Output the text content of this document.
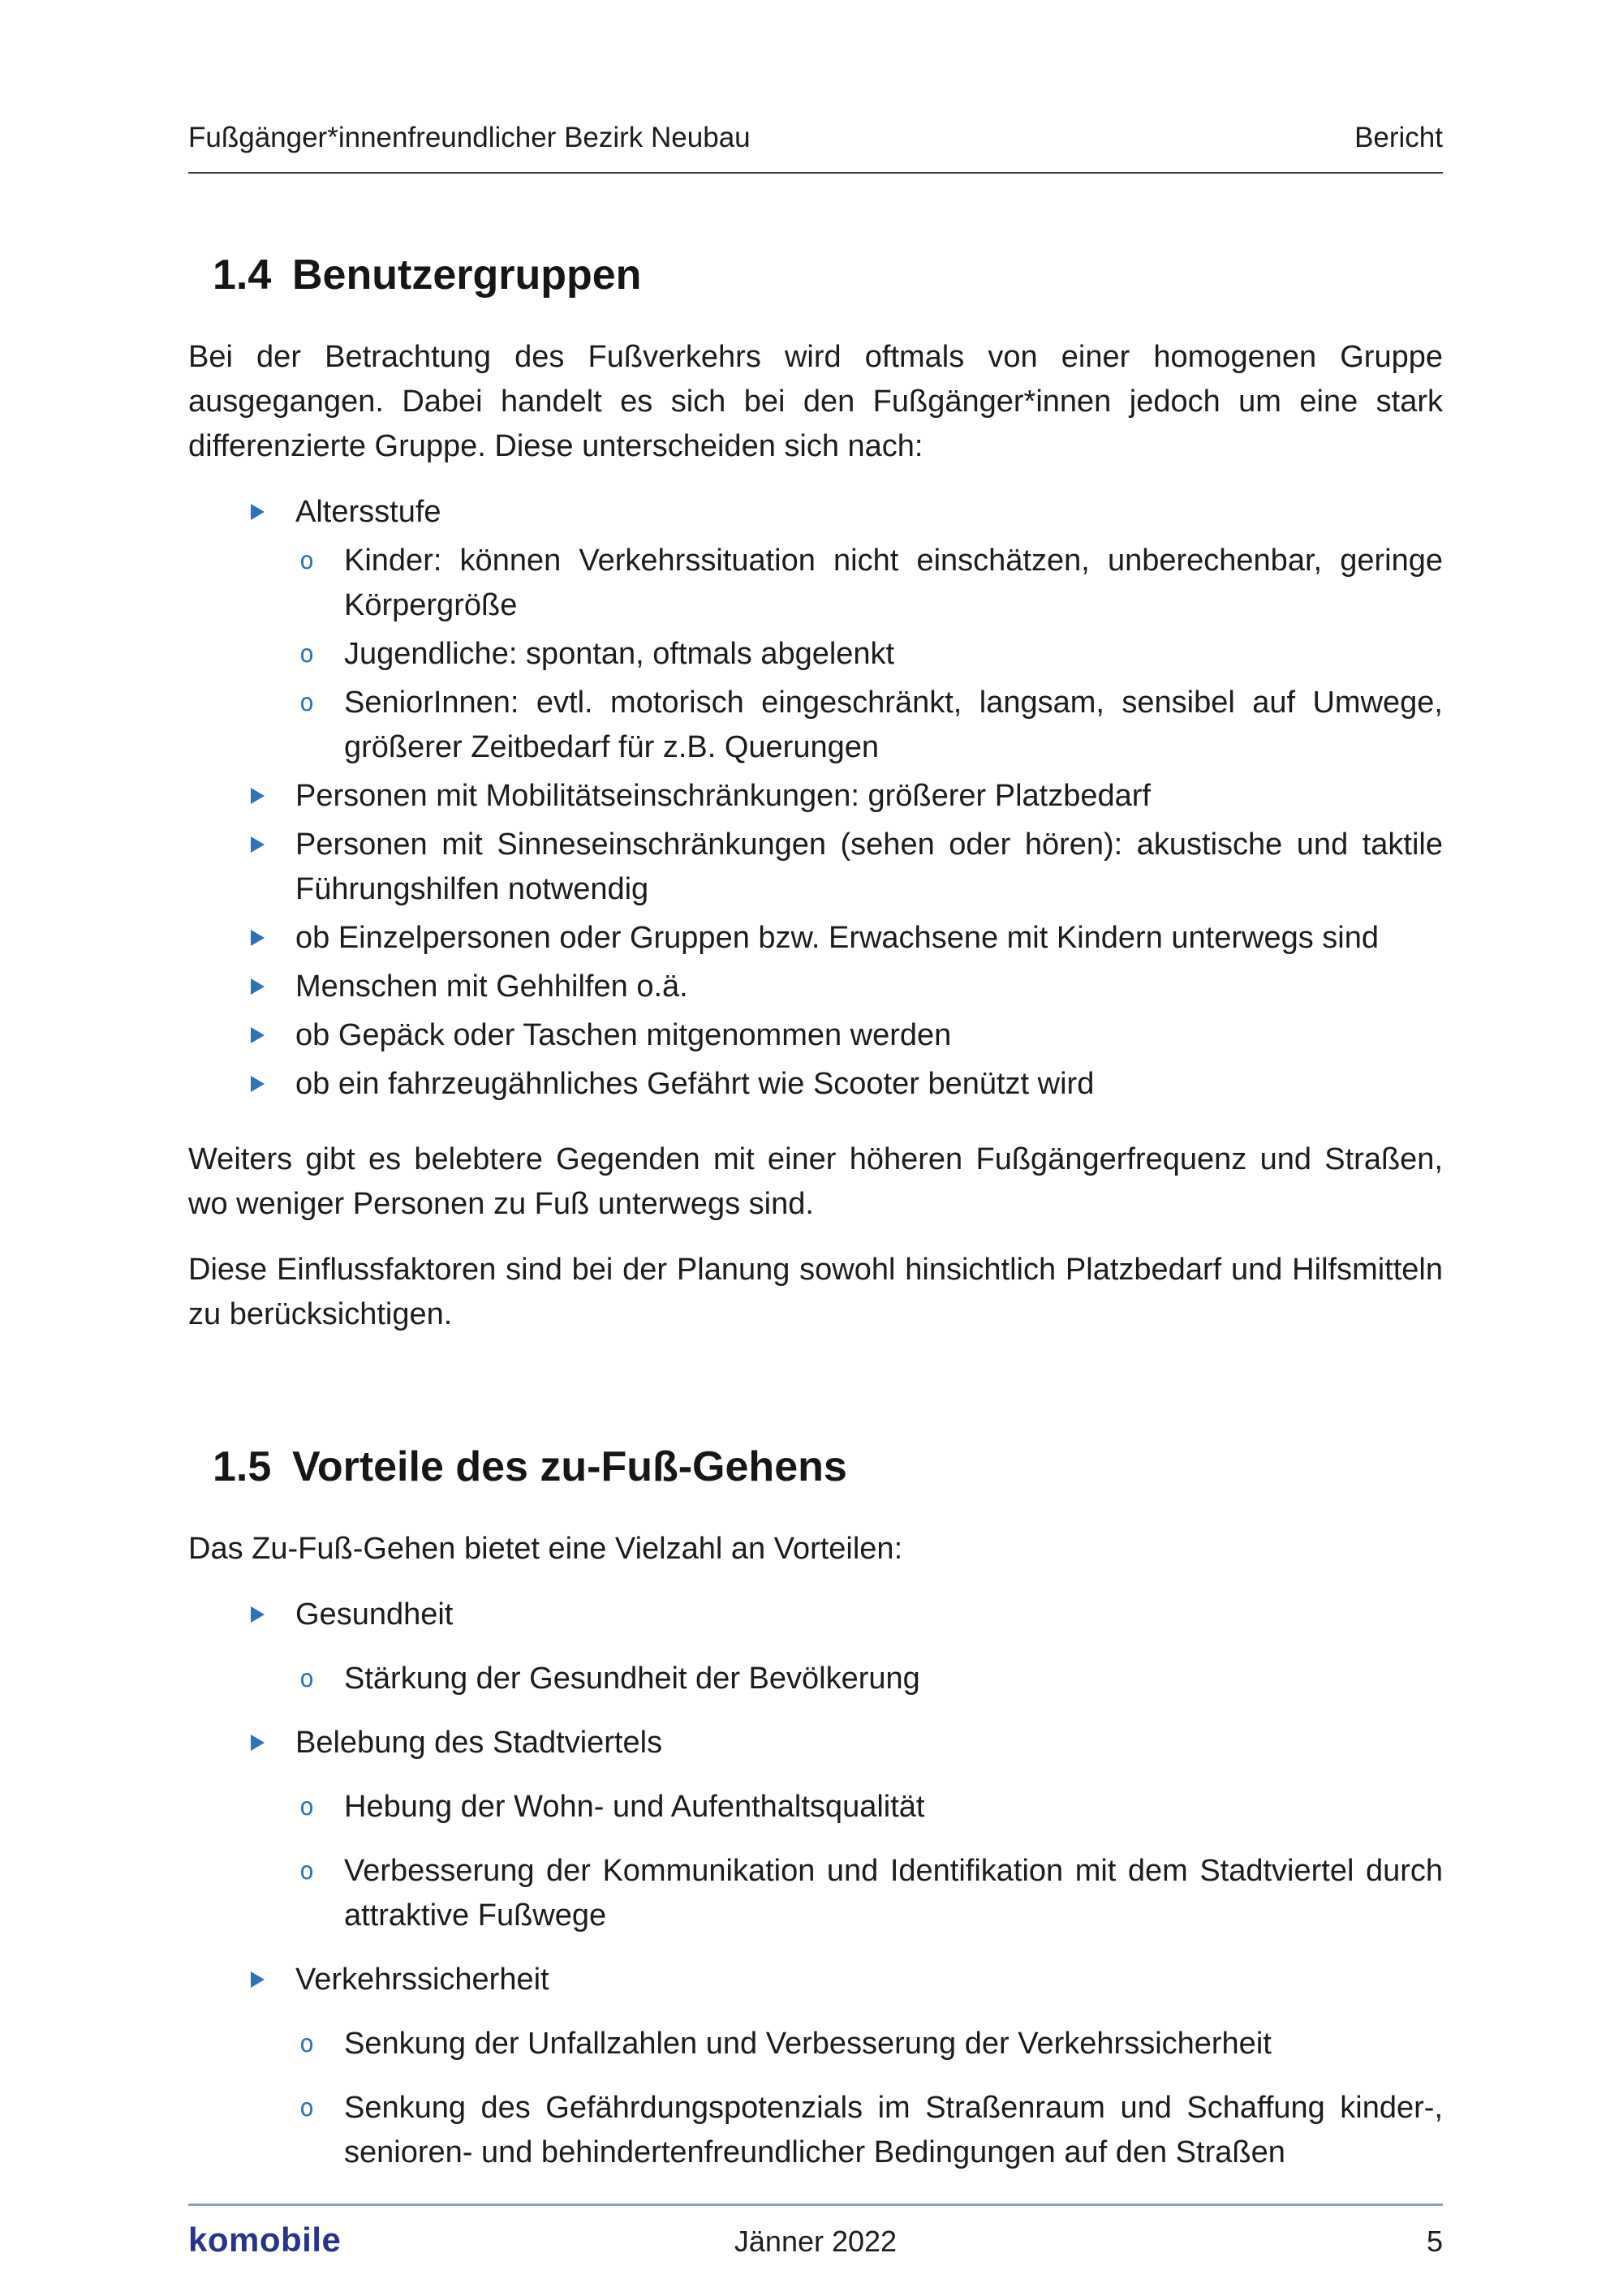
Fußgänger*innenfreundlicher Bezirk Neubau	Bericht
1.4 Benutzergruppen

Bei der Betrachtung des Fußverkehrs wird oftmals von einer homogenen Gruppe ausgegangen. Dabei handelt es sich bei den Fußgänger*innen jedoch um eine stark differenzierte Gruppe. Diese unterscheiden sich nach:

Altersstufe
o Kinder: können Verkehrssituation nicht einschätzen, unberechenbar, geringe Körpergröße
o Jugendliche: spontan, oftmals abgelenkt
o SeniorInnen: evtl. motorisch eingeschränkt, langsam, sensibel auf Umwege, größerer Zeitbedarf für z.B. Querungen
Personen mit Mobilitätseinschränkungen: größerer Platzbedarf
Personen mit Sinneseinschränkungen (sehen oder hören): akustische und taktile Führungshilfen notwendig
ob Einzelpersonen oder Gruppen bzw. Erwachsene mit Kindern unterwegs sind
Menschen mit Gehhilfen o.ä.
ob Gepäck oder Taschen mitgenommen werden
ob ein fahrzeugähnliches Gefährt wie Scooter benützt wird

Weiters gibt es belebtere Gegenden mit einer höheren Fußgängerfrequenz und Straßen, wo weniger Personen zu Fuß unterwegs sind.

Diese Einflussfaktoren sind bei der Planung sowohl hinsichtlich Platzbedarf und Hilfsmitteln zu berücksichtigen.

1.5 Vorteile des zu-Fuß-Gehens

Das Zu-Fuß-Gehen bietet eine Vielzahl an Vorteilen:

Gesundheit
o Stärkung der Gesundheit der Bevölkerung
Belebung des Stadtviertels
o Hebung der Wohn- und Aufenthaltsqualität
o Verbesserung der Kommunikation und Identifikation mit dem Stadtviertel durch attraktive Fußwege
Verkehrssicherheit
o Senkung der Unfallzahlen und Verbesserung der Verkehrssicherheit
o Senkung des Gefährdungspotenzials im Straßenraum und Schaffung kinder-, senioren- und behindertenfreundlicher Bedingungen auf den Straßen
komobile	Jänner 2022	5
